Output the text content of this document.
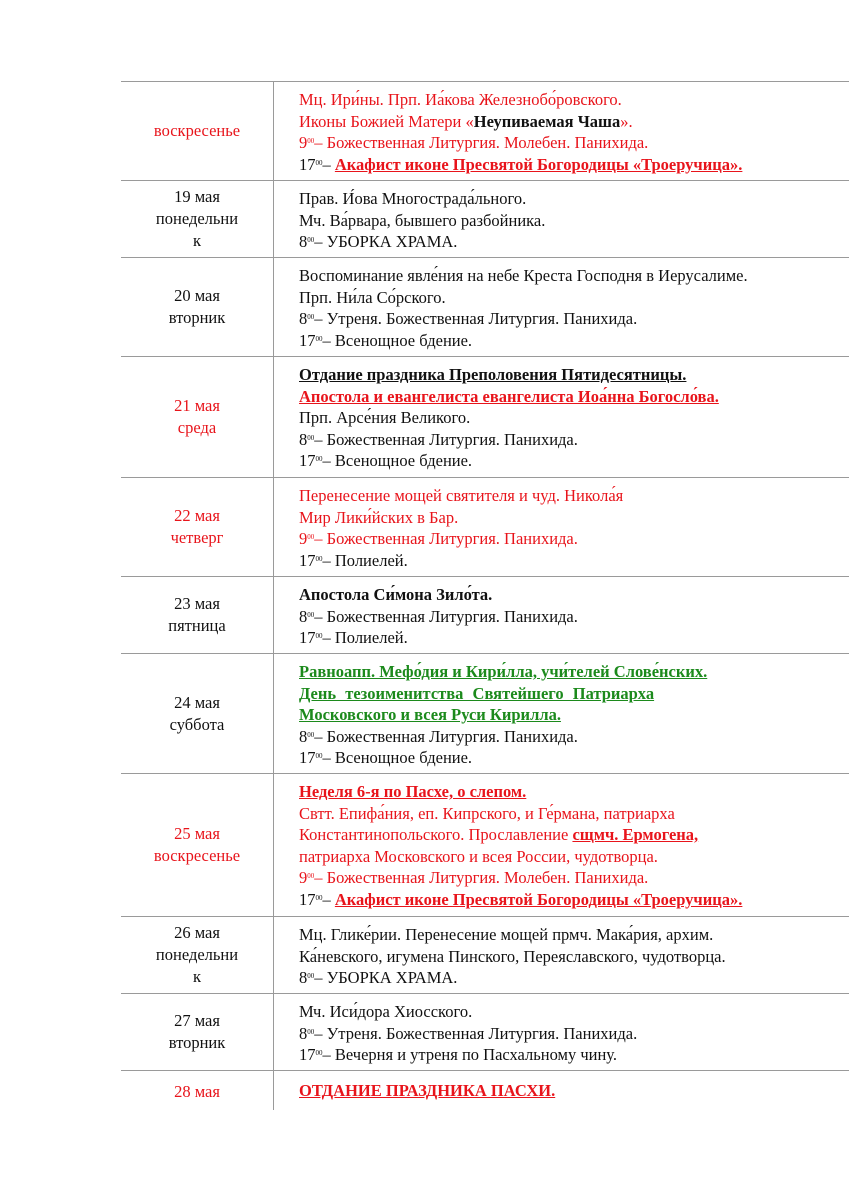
воскресенье
Мц. Ири́ны. Прп. Иа́кова Железнобо́ровского.
Иконы Божией Матери «Неупиваемая Чаша».
$9^{00}-$ Божественная Литургия. Молебен. Панихида.
$17^{00}-$ Акафист иконе Пресвятой Богородицы «Троеручица».
19 мая
понедельни
к
Прав. И́ова Многострада́льного.
Мч. Ва́рвара, бывшего разбойника.
$8^{00}-$ УБОРКА ХРАМА.
20 мая
вторник
Воспоминание явле́ния на небе Креста Господня в Иерусалиме.
Прп. Ни́ла Со́рского.
$8^{00}-$ Утреня. Божественная Литургия. Панихида.
$17^{00}-$ Всенощное бдение.
21 мая
среда
Отдание праздника Преполовения Пятидесятницы.
Апостола и евангелиста евангелиста Иоа́нна Богосло́ва.
Прп. Арсе́ния Великого.
$8^{00}-$ Божественная Литургия. Панихида.
$17^{00}-$ Всенощное бдение.
22 мая
четверг
Перенесение мощей святителя и чуд. Никола́я
Мир Лики́йских в Бар.
$9^{00}-$ Божественная Литургия. Панихида.
$17^{00}-$ Полиелей.
23 мая
пятница
Апостола Си́мона Зило́та.
$8^{00}-$ Божественная Литургия. Панихида.
$17^{00}-$ Полиелей.
24 мая
суббота
Равноапп. Мефо́дия и Кири́лла, учи́телей Слове́нских.
День тезоименитства Святейшего Патриарха
Московского и всея Руси Кирилла.
$8^{00}-$ Божественная Литургия. Панихида.
$17^{00}-$ Всенощное бдение.
25 мая
воскресенье
Неделя 6-я по Пасхе, о слепом.
Свтт. Епифа́ния, еп. Кипрского, и Ге́рмана, патриарха
Константинопольского. Прославление сщмч. Ермогена,
патриарха Московского и всея России, чудотворца.
$9^{00}-$ Божественная Литургия. Молебен. Панихида.
$17^{00}-$ Акафист иконе Пресвятой Богородицы «Троеручица».
26 мая
понедельни
к
Мц. Глике́рии. Перенесение мощей прмч. Мака́рия, архим.
Ка́невского, игумена Пинского, Переяславского, чудотворца.
$8^{00}-$ УБОРКА ХРАМА.
27 мая
вторник
Мч. Иси́дора Хиосского.
$8^{00}-$ Утреня. Божественная Литургия. Панихида.
$17^{00}-$ Вечерня и утреня по Пасхальному чину.
28 мая	ОТДАНИЕ ПРАЗДНИКА ПАСХИ.
